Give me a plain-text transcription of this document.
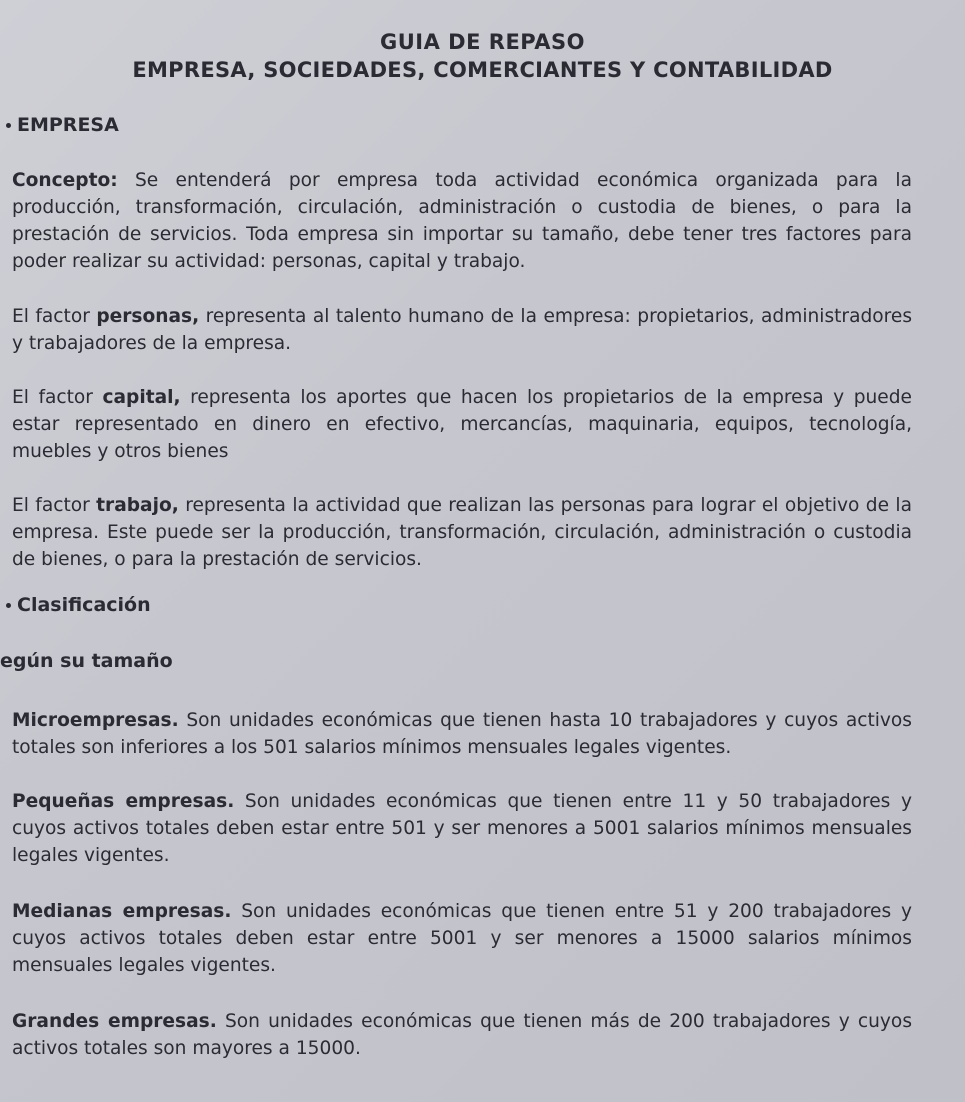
GUIA DE REPASO
EMPRESA, SOCIEDADES, COMERCIANTES Y CONTABILIDAD
EMPRESA
Concepto: Se entenderá por empresa toda actividad económica organizada para la producción, transformación, circulación, administración o custodia de bienes, o para la prestación de servicios. Toda empresa sin importar su tamaño, debe tener tres factores para poder realizar su actividad: personas, capital y trabajo.
El factor personas, representa al talento humano de la empresa: propietarios, administradores y trabajadores de la empresa.
El factor capital, representa los aportes que hacen los propietarios de la empresa y puede estar representado en dinero en efectivo, mercancías, maquinaria, equipos, tecnología, muebles y otros bienes
El factor trabajo, representa la actividad que realizan las personas para lograr el objetivo de la empresa. Este puede ser la producción, transformación, circulación, administración o custodia de bienes, o para la prestación de servicios.
Clasificación
egún su tamaño
Microempresas. Son unidades económicas que tienen hasta 10 trabajadores y cuyos activos totales son inferiores a los 501 salarios mínimos mensuales legales vigentes.
Pequeñas empresas. Son unidades económicas que tienen entre 11 y 50 trabajadores y cuyos activos totales deben estar entre 501 y ser menores a 5001 salarios mínimos mensuales legales vigentes.
Medianas empresas. Son unidades económicas que tienen entre 51 y 200 trabajadores y cuyos activos totales deben estar entre 5001 y ser menores a 15000 salarios mínimos mensuales legales vigentes.
Grandes empresas. Son unidades económicas que tienen más de 200 trabajadores y cuyos activos totales son mayores a 15000.
